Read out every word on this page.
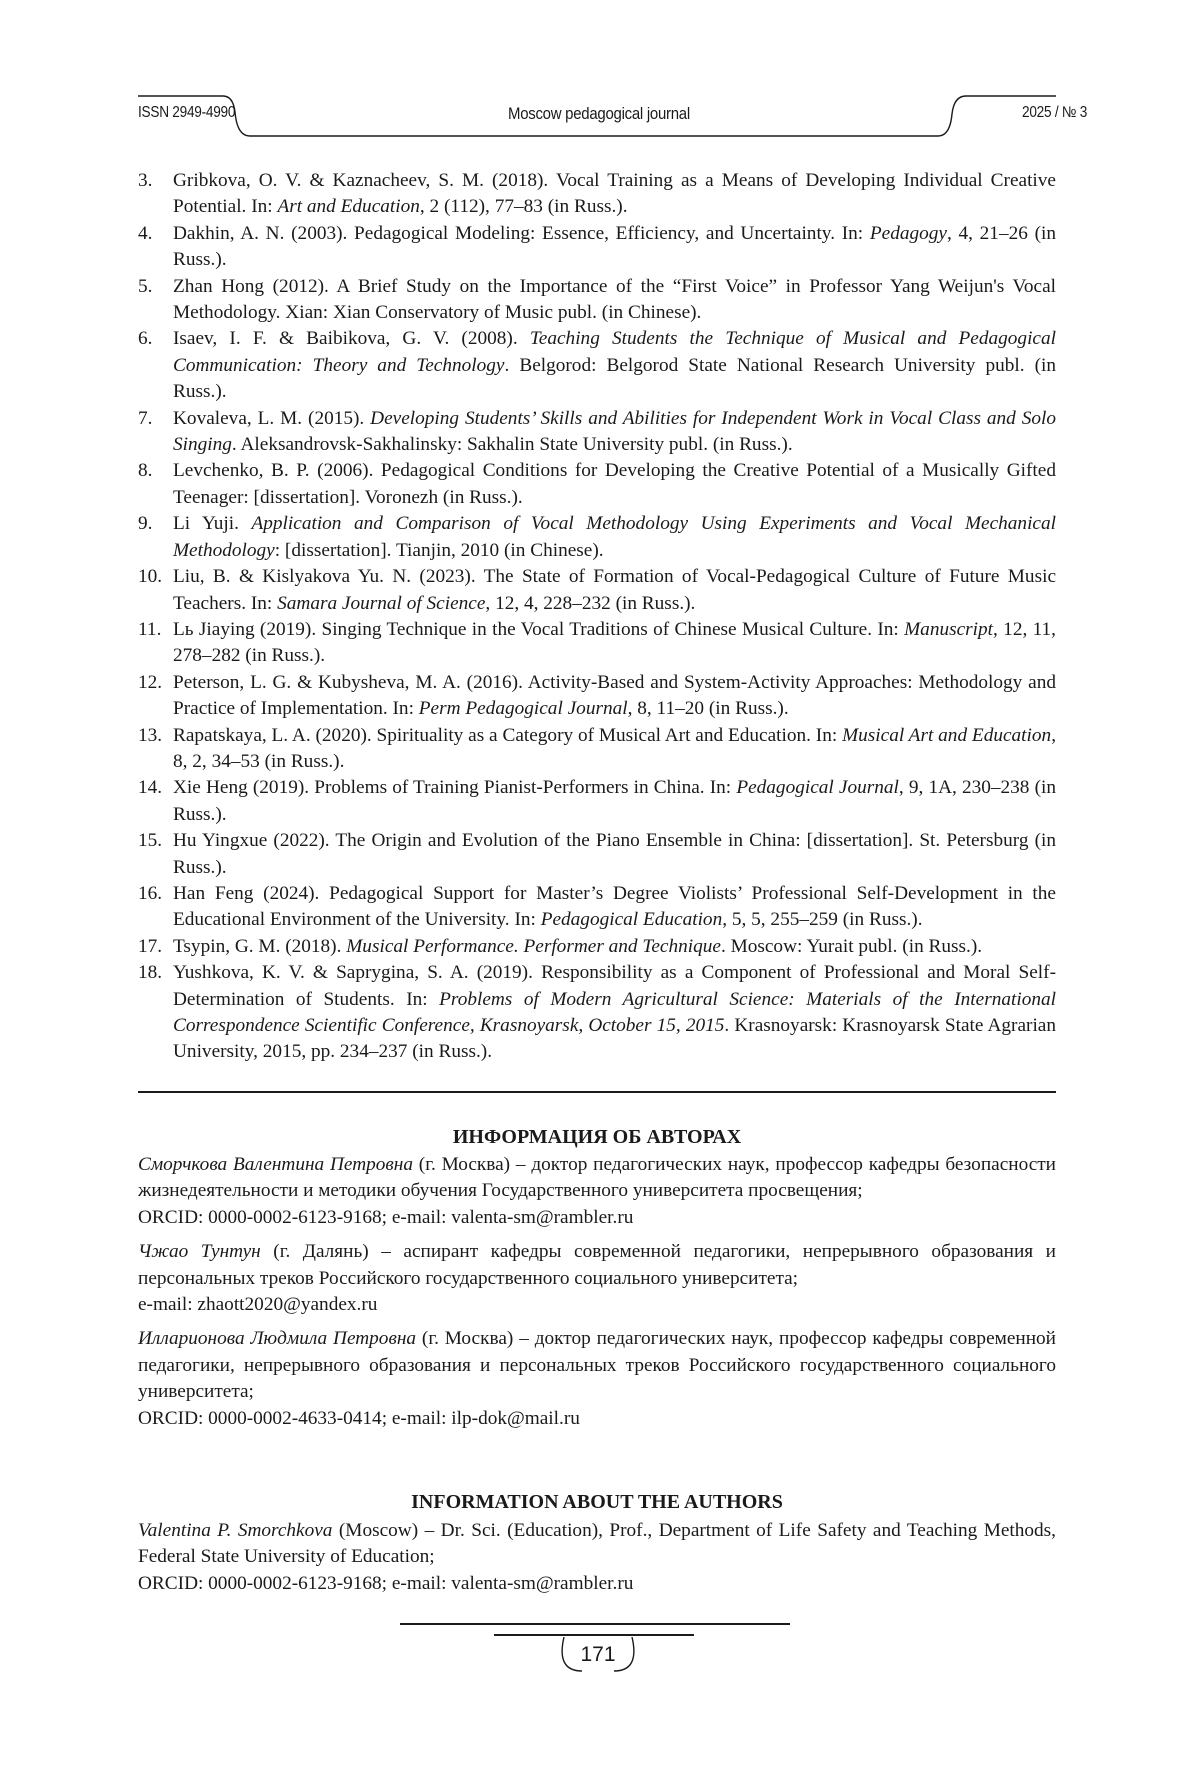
ISSN 2949-4990	Moscow pedagogical journal	2025 / № 3
3. Gribkova, O. V. & Kaznacheev, S. M. (2018). Vocal Training as a Means of Developing Individual Creative Potential. In: Art and Education, 2 (112), 77–83 (in Russ.).
4. Dakhin, A. N. (2003). Pedagogical Modeling: Essence, Efficiency, and Uncertainty. In: Pedagogy, 4, 21–26 (in Russ.).
5. Zhan Hong (2012). A Brief Study on the Importance of the “First Voice” in Professor Yang Weijun's Vocal Methodology. Xian: Xian Conservatory of Music publ. (in Chinese).
6. Isaev, I. F. & Baibikova, G. V. (2008). Teaching Students the Technique of Musical and Pedagogical Communication: Theory and Technology. Belgorod: Belgorod State National Research University publ. (in Russ.).
7. Kovaleva, L. M. (2015). Developing Students’ Skills and Abilities for Independent Work in Vocal Class and Solo Singing. Aleksandrovsk-Sakhalinsky: Sakhalin State University publ. (in Russ.).
8. Levchenko, B. P. (2006). Pedagogical Conditions for Developing the Creative Potential of a Musically Gifted Teenager: [dissertation]. Voronezh (in Russ.).
9. Li Yuji. Application and Comparison of Vocal Methodology Using Experiments and Vocal Mechanical Methodology: [dissertation]. Tianjin, 2010 (in Chinese).
10. Liu, B. & Kislyakova Yu. N. (2023). The State of Formation of Vocal-Pedagogical Culture of Future Music Teachers. In: Samara Journal of Science, 12, 4, 228–232 (in Russ.).
11. Lь Jiaying (2019). Singing Technique in the Vocal Traditions of Chinese Musical Culture. In: Manuscript, 12, 11, 278–282 (in Russ.).
12. Peterson, L. G. & Kubysheva, M. A. (2016). Activity-Based and System-Activity Approaches: Methodology and Practice of Implementation. In: Perm Pedagogical Journal, 8, 11–20 (in Russ.).
13. Rapatskaya, L. A. (2020). Spirituality as a Category of Musical Art and Education. In: Musical Art and Education, 8, 2, 34–53 (in Russ.).
14. Xie Heng (2019). Problems of Training Pianist-Performers in China. In: Pedagogical Journal, 9, 1A, 230–238 (in Russ.).
15. Hu Yingxue (2022). The Origin and Evolution of the Piano Ensemble in China: [dissertation]. St. Petersburg (in Russ.).
16. Han Feng (2024). Pedagogical Support for Master’s Degree Violists’ Professional Self-Development in the Educational Environment of the University. In: Pedagogical Education, 5, 5, 255–259 (in Russ.).
17. Tsypin, G. M. (2018). Musical Performance. Performer and Technique. Moscow: Yurait publ. (in Russ.).
18. Yushkova, K. V. & Saprygina, S. A. (2019). Responsibility as a Component of Professional and Moral Self-Determination of Students. In: Problems of Modern Agricultural Science: Materials of the International Correspondence Scientific Conference, Krasnoyarsk, October 15, 2015. Krasnoyarsk: Krasnoyarsk State Agrarian University, 2015, pp. 234–237 (in Russ.).
ИНФОРМАЦИЯ ОБ АВТОРАХ

Сморчкова Валентина Петровна (г. Москва) – доктор педагогических наук, профессор кафедры безопасности жизнедеятельности и методики обучения Государственного университета просвещения;
ORCID: 0000-0002-6123-9168; e-mail: valenta-sm@rambler.ru

Чжао Тунтун (г. Далянь) – аспирант кафедры современной педагогики, непрерывного образования и персональных треков Российского государственного социального университета;
e-mail: zhaott2020@yandex.ru

Илларионова Людмила Петровна (г. Москва) – доктор педагогических наук, профессор кафедры современной педагогики, непрерывного образования и персональных треков Российского государственного социального университета;
ORCID: 0000-0002-4633-0414; e-mail: ilp-dok@mail.ru

INFORMATION ABOUT THE AUTHORS

Valentina P. Smorchkova (Moscow) – Dr. Sci. (Education), Prof., Department of Life Safety and Teaching Methods, Federal State University of Education;
ORCID: 0000-0002-6123-9168; e-mail: valenta-sm@rambler.ru

171
